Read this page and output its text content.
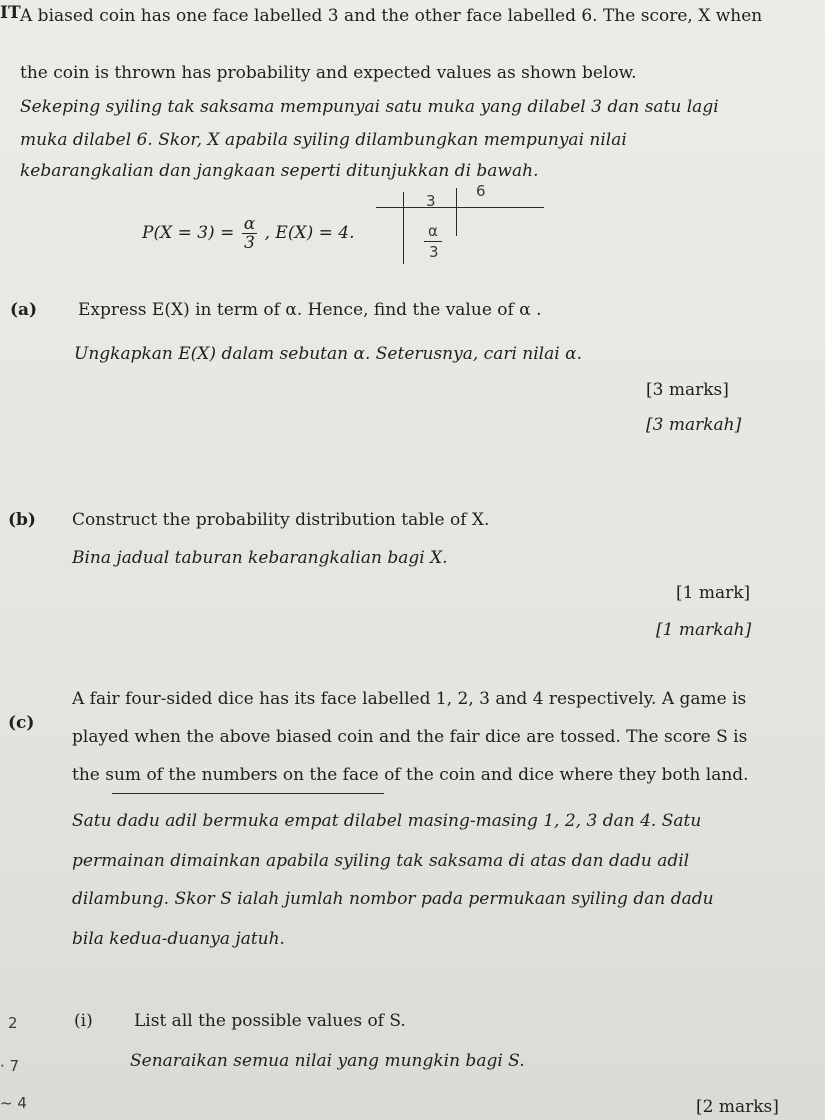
IT A biased coin has one face labelled 3 and the other face labelled 6. The score, X when
the coin is thrown has probability and expected values as shown below.
Sekeping syiling tak saksama mempunyai satu muka yang dilabel 3 dan satu lagi
muka dilabel 6. Skor, X apabila syiling dilambungkan mempunyai nilai
kebarangkalian dan jangkaan seperti ditunjukkan di bawah.
$P(X = 3) = \frac{\alpha}{3}$ , E(X) = 4.
3
6
α
3
(a) Express E(X) in term of α. Hence, find the value of α .
Ungkapkan E(X) dalam sebutan α. Seterusnya, cari nilai α.
[3 marks]
[3 markah]
(b) Construct the probability distribution table of X.
Bina jadual taburan kebarangkalian bagi X.
[1 mark]
[1 markah]
(c)
A fair four-sided dice has its face labelled 1, 2, 3 and 4 respectively. A game is
played when the above biased coin and the fair dice are tossed. The score S is
the sum of the numbers on the face of the coin and dice where they both land.
Satu dadu adil bermuka empat dilabel masing-masing 1, 2, 3 dan 4. Satu
permainan dimainkan apabila syiling tak saksama di atas dan dadu adil
dilambung. Skor S ialah jumlah nombor pada permukaan syiling dan dadu
bila kedua-duanya jatuh.
(i) List all the possible values of S.
Senaraikan semua nilai yang mungkin bagi S.
[2 marks]
2
· 7
~ 4
